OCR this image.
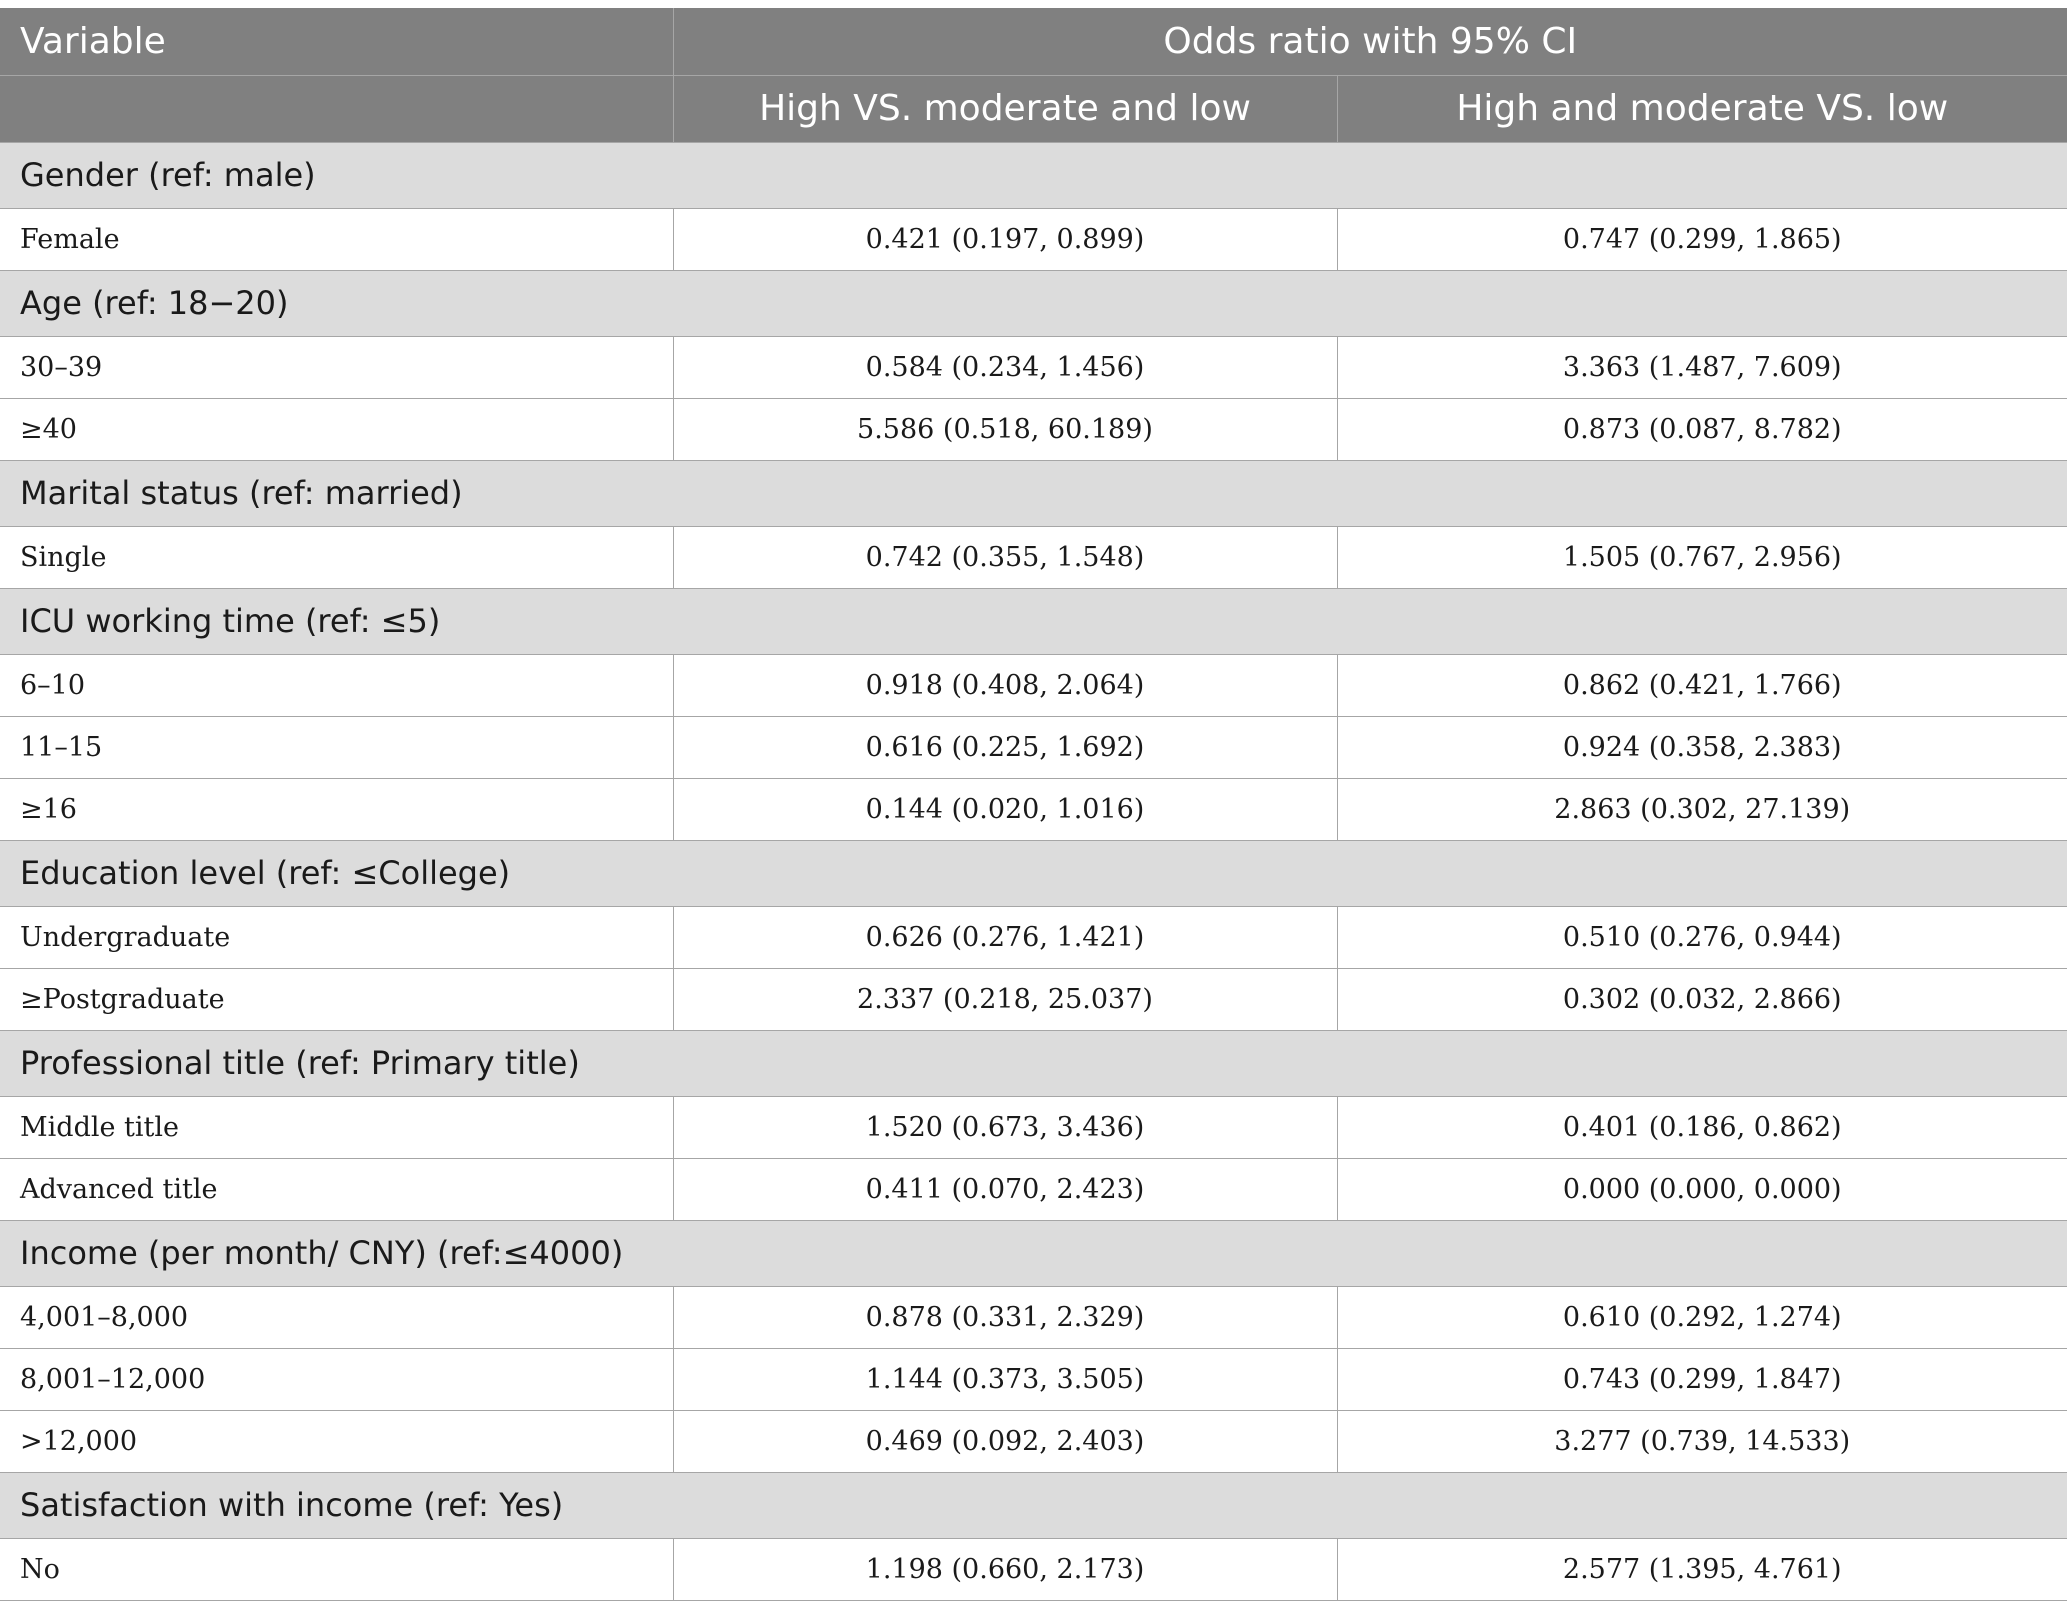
Variable	Odds ratio with 95% CI	
	High VS. moderate and low	High and moderate VS. low
Gender (ref: male)		
Female	0.421 (0.197, 0.899)	0.747 (0.299, 1.865)
Age (ref: 18−20)		
30–39	0.584 (0.234, 1.456)	3.363 (1.487, 7.609)
≥40	5.586 (0.518, 60.189)	0.873 (0.087, 8.782)
Marital status (ref: married)		
Single	0.742 (0.355, 1.548)	1.505 (0.767, 2.956)
ICU working time (ref: ≤5)		
6–10	0.918 (0.408, 2.064)	0.862 (0.421, 1.766)
11–15	0.616 (0.225, 1.692)	0.924 (0.358, 2.383)
≥16	0.144 (0.020, 1.016)	2.863 (0.302, 27.139)
Education level (ref: ≤College)		
Undergraduate	0.626 (0.276, 1.421)	0.510 (0.276, 0.944)
≥Postgraduate	2.337 (0.218, 25.037)	0.302 (0.032, 2.866)
Professional title (ref: Primary title)		
Middle title	1.520 (0.673, 3.436)	0.401 (0.186, 0.862)
Advanced title	0.411 (0.070, 2.423)	0.000 (0.000, 0.000)
Income (per month/ CNY) (ref:≤4000)		
4,001–8,000	0.878 (0.331, 2.329)	0.610 (0.292, 1.274)
8,001–12,000	1.144 (0.373, 3.505)	0.743 (0.299, 1.847)
>12,000	0.469 (0.092, 2.403)	3.277 (0.739, 14.533)
Satisfaction with income (ref: Yes)		
No	1.198 (0.660, 2.173)	2.577 (1.395, 4.761)
